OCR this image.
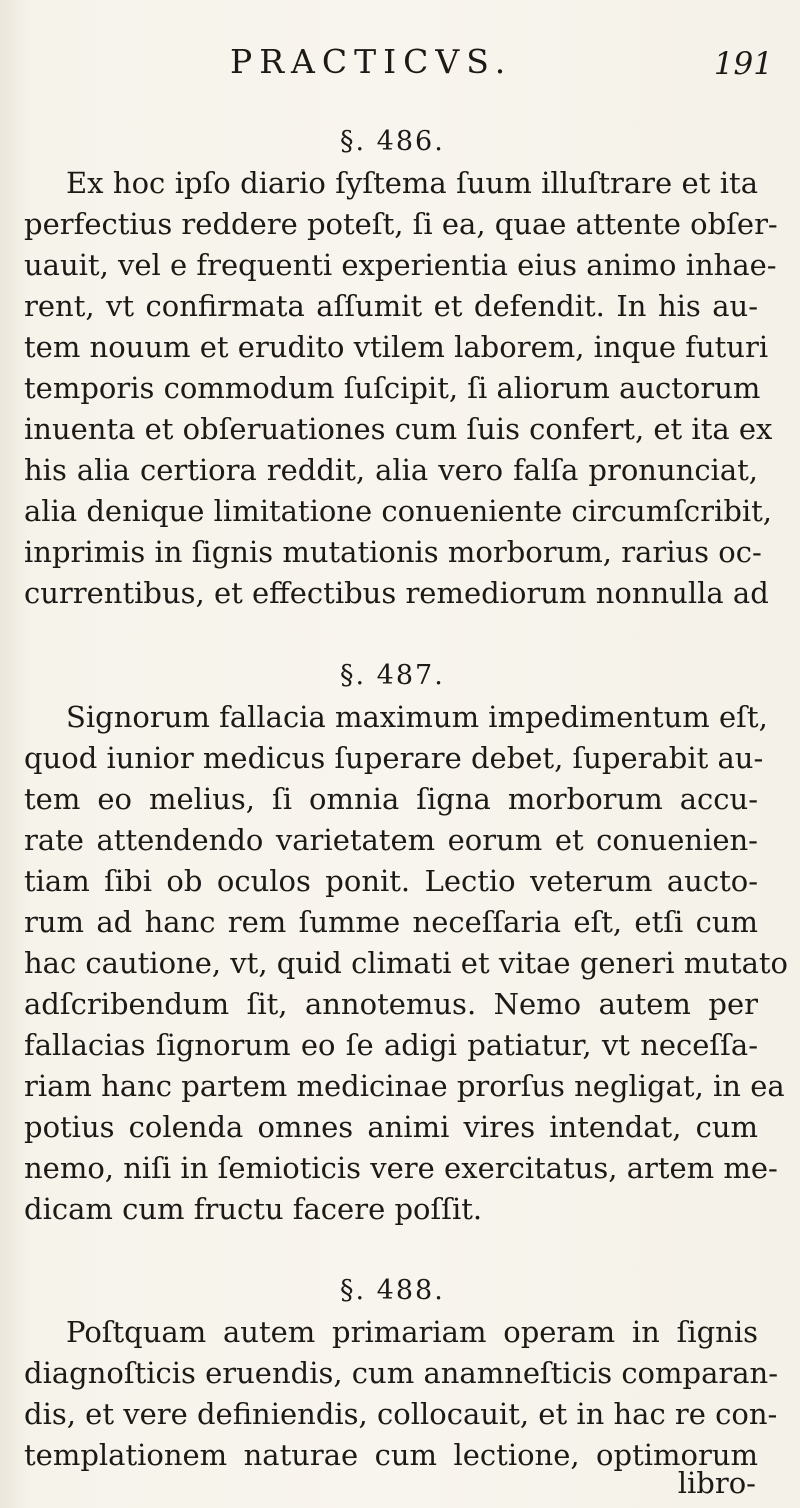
PRACTICVS.	191
§. 486.
Ex hoc ipſo diario ſyſtema ſuum illuſtrare et ita
perfectius reddere poteſt, ſi ea, quae attente obſer-
uauit, vel e frequenti experientia eius animo inhae-
rent, vt confirmata aſſumit et defendit. In his au-
tem nouum et erudito vtilem laborem, inque futuri
temporis commodum ſuſcipit, ſi aliorum auctorum
inuenta et obſeruationes cum ſuis confert, et ita ex
his alia certiora reddit, alia vero falſa pronunciat,
alia denique limitatione conueniente circumſcribit,
inprimis in ſignis mutationis morborum, rarius oc-
currentibus, et effectibus remediorum nonnulla ad
§. 487.
Signorum fallacia maximum impedimentum eſt,
quod iunior medicus ſuperare debet, ſuperabit au-
tem eo melius, ſi omnia ſigna morborum accu-
rate attendendo varietatem eorum et conuenien-
tiam ſibi ob oculos ponit. Lectio veterum aucto-
rum ad hanc rem ſumme neceſſaria eſt, etſi cum
hac cautione, vt, quid climati et vitae generi mutato
adſcribendum ſit, annotemus. Nemo autem per
fallacias ſignorum eo ſe adigi patiatur, vt neceſſa-
riam hanc partem medicinae prorſus negligat, in ea
potius colenda omnes animi vires intendat, cum
nemo, niſi in ſemioticis vere exercitatus, artem me-
dicam cum fructu facere poſſit.
§. 488.
Poſtquam autem primariam operam in ſignis
diagnoſticis eruendis, cum anamneſticis comparan-
dis, et vere definiendis, collocauit, et in hac re con-
templationem naturae cum lectione, optimorum
libro-
